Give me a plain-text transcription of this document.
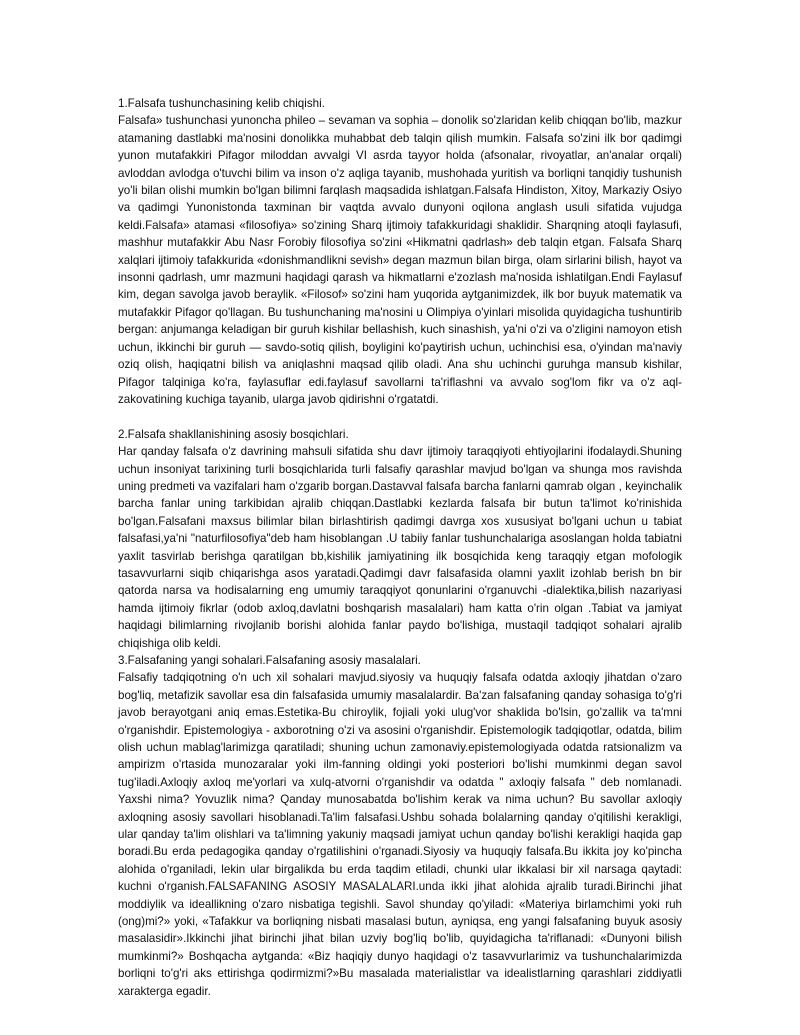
1.Falsafa tushunchasining kelib chiqishi.

Falsafa» tushunchasi yunoncha phileo – sevaman va sophia – donolik so'zlaridan kelib chiqqan bo'lib, mazkur atamaning dastlabki ma'nosini donolikka muhabbat deb talqin qilish mumkin. Falsafa so'zini ilk bor qadimgi yunon mutafakkiri Pifagor miloddan avvalgi VI asrda tayyor holda (afsonalar, rivoyatlar, an'analar orqali) avloddan avlodga o'tuvchi bilim va inson o'z aqliga tayanib, mushohada yuritish va borliqni tanqidiy tushunish yo'li bilan olishi mumkin bo'lgan bilimni farqlash maqsadida ishlatgan.Falsafa Hindiston, Xitoy, Markaziy Osiyo va qadimgi Yunonistonda taxminan bir vaqtda avvalo dunyoni oqilona anglash usuli sifatida vujudga keldi.Falsafa» atamasi «filosofiya» so'zining Sharq ijtimoiy tafakkuridagi shaklidir. Sharqning atoqli faylasufi, mashhur mutafakkir Abu Nasr Forobiy filosofiya so'zini «Hikmatni qadrlash» deb talqin etgan. Falsafa Sharq xalqlari ijtimoiy tafakkurida «donishmandlikni sevish» degan mazmun bilan birga, olam sirlarini bilish, hayot va insonni qadrlash, umr mazmuni haqidagi qarash va hikmatlarni e'zozlash ma'nosida ishlatilgan.Endi Faylasuf kim, degan savolga javob beraylik. «Filosof» so'zini ham yuqorida aytganimizdek, ilk bor buyuk matematik va mutafakkir Pifagor qo'llagan. Bu tushunchaning ma'nosini u Olimpiya o'yinlari misolida quyidagicha tushuntirib bergan: anjumanga keladigan bir guruh kishilar bellashish, kuch sinashish, ya'ni o'zi va o'zligini namoyon etish uchun, ikkinchi bir guruh — savdo-sotiq qilish, boyligini ko'paytirish uchun, uchinchisi esa, o'yindan ma'naviy oziq olish, haqiqatni bilish va aniqlashni maqsad qilib oladi. Ana shu uchinchi guruhga mansub kishilar, Pifagor talqiniga ko'ra, faylasuflar edi.faylasuf savollarni ta'riflashni va avvalo sog'lom fikr va o'z aql-zakovatining kuchiga tayanib, ularga javob qidirishni o'rgatatdi.

2.Falsafa shakllanishining asosiy bosqichlari.

Har qanday falsafa o'z davrining mahsuli sifatida shu davr ijtimoiy taraqqiyoti ehtiyojlarini ifodalaydi.Shuning uchun insoniyat tarixining turli bosqichlarida turli falsafiy qarashlar mavjud bo'lgan va shunga mos ravishda uning predmeti va vazifalari ham o'zgarib borgan.Dastavval falsafa barcha fanlarni qamrab olgan , keyinchalik barcha fanlar uning tarkibidan ajralib chiqqan.Dastlabki kezlarda falsafa bir butun ta'limot ko'rinishida bo'lgan.Falsafani maxsus bilimlar bilan birlashtirish qadimgi davrga xos xususiyat bo'lgani uchun u tabiat falsafasi,ya'ni "naturfilosofiya"deb ham hisoblangan .U tabiiy fanlar tushunchalariga asoslangan holda tabiatni yaxlit tasvirlab berishga qaratilgan bb,kishilik jamiyatining ilk bosqichida keng taraqqiy etgan mofologik tasavvurlarni siqib chiqarishga asos yaratadi.Qadimgi davr falsafasida olamni yaxlit izohlab berish bn bir qatorda narsa va hodisalarning eng umumiy taraqqiyot qonunlarini o'rganuvchi -dialektika,bilish nazariyasi hamda ijtimoiy fikrlar (odob axloq,davlatni boshqarish masalalari) ham katta o'rin olgan .Tabiat va jamiyat haqidagi bilimlarning rivojlanib borishi alohida fanlar paydo bo'lishiga, mustaqil tadqiqot sohalari ajralib chiqishiga olib keldi.

3.Falsafaning yangi sohalari.Falsafaning asosiy masalalari.

Falsafiy tadqiqotning o'n uch xil sohalari mavjud.siyosiy va huquqiy falsafa odatda axloqiy jihatdan o'zaro bog'liq, metafizik savollar esa din falsafasida umumiy masalalardir. Ba'zan falsafaning qanday sohasiga to'g'ri javob berayotgani aniq emas.Estetika-Bu chiroylik, fojiali yoki ulug'vor shaklida bo'lsin, go'zallik va ta'mni o'rganishdir. Epistemologiya - axborotning o'zi va asosini o'rganishdir. Epistemologik tadqiqotlar, odatda, bilim olish uchun mablag'larimizga qaratiladi; shuning uchun zamonaviy.epistemologiyada odatda ratsionalizm va ampirizm o'rtasida munozaralar yoki ilm-fanning oldingi yoki posteriori bo'lishi mumkinmi degan savol tug'iladi.Axloqiy axloq me'yorlari va xulq-atvorni o'rganishdir va odatda " axloqiy falsafa " deb nomlanadi. Yaxshi nima? Yovuzlik nima? Qanday munosabatda bo'lishim kerak va nima uchun? Bu savollar axloqiy axloqning asosiy savollari hisoblanadi.Ta'lim falsafasi.Ushbu sohada bolalarning qanday o'qitilishi kerakligi, ular qanday ta'lim olishlari va ta'limning yakuniy maqsadi jamiyat uchun qanday bo'lishi kerakligi haqida gap boradi.Bu erda pedagogika qanday o'rgatilishini o'rganadi.Siyosiy va huquqiy falsafa.Bu ikkita joy ko'pincha alohida o'rganiladi, lekin ular birgalikda bu erda taqdim etiladi, chunki ular ikkalasi bir xil narsaga qaytadi: kuchni o'rganish.FALSAFANING ASOSIY MASALALARI.unda ikki jihat alohida ajralib turadi.Birinchi jihat moddiylik va ideallikning o'zaro nisbatiga tegishli. Savol shunday qo'yiladi: «Materiya birlamchimi yoki ruh (ong)mi?» yoki, «Tafakkur va borliqning nisbati masalasi butun, ayniqsa, eng yangi falsafaning buyuk asosiy masalasidir».Ikkinchi jihat birinchi jihat bilan uzviy bog'liq bo'lib, quyidagicha ta'riflanadi: «Dunyoni bilish mumkinmi?» Boshqacha aytganda: «Biz haqiqiy dunyo haqidagi o'z tasavvurlarimiz va tushunchalarimizda borliqni to'g'ri aks ettirishga qodirmizmi?»Bu masalada materialistlar va idealistlarning qarashlari ziddiyatli xarakterga egadir.
